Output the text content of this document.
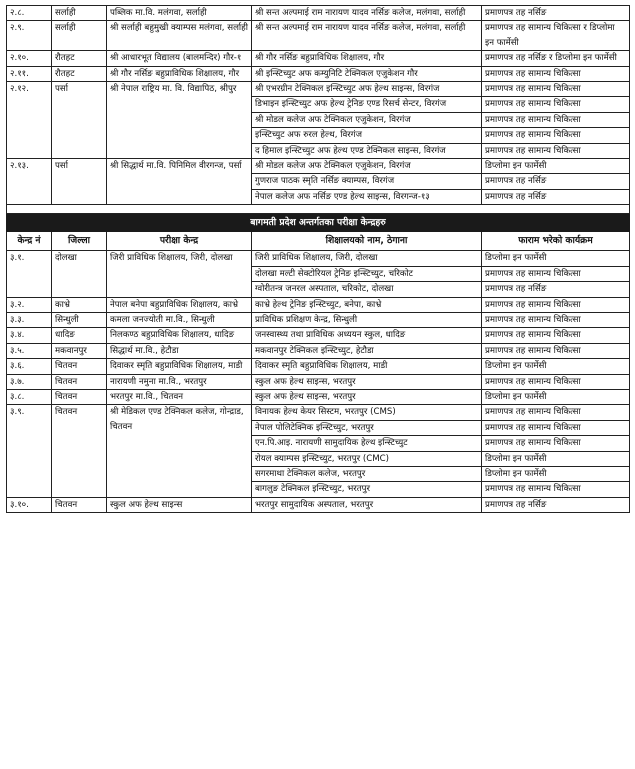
२.८.	सर्लाही	पब्लिक मा.वि. मलंगवा, सर्लाही	श्री सन्त अल्पमाई राम नारायण यादव नर्सिङ कलेज, मलंगवा, सर्लाही	प्रमाणपत्र तह नर्सिङ
२.९.	सर्लाही	श्री सर्लाही बहुमुखी क्याम्पस मलंगवा, सर्लाही	श्री सन्त अल्पमाई राम नारायण यादव नर्सिङ कलेज, मलंगवा, सर्लाही	प्रमाणपत्र तह सामान्य चिकित्सा र डिप्लोमा इन फार्मेसी
२.१०.	रौतहट	श्री आधारभूत विद्यालय (बालमन्दिर) गौर-१	श्री गौर नर्सिङ बहुप्राविधिक शिक्षालय, गौर	प्रमाणपत्र तह नर्सिङ र डिप्लोमा इन फार्मेसी
२.११.	रौतहट	श्री गौर नर्सिङ बहुप्राविधिक शिक्षालय, गौर	श्री इन्स्टिच्युट अफ कम्युनिटि टेक्निकल एजुकेशन गौर	प्रमाणपत्र तह सामान्य चिकित्सा
२.१२.	पर्सा	श्री नेपाल राष्ट्रिय मा. वि. विद्यापिठ, श्रीपुर	श्री एभरग्रीन टेक्निकल इन्स्टिच्युट अफ हेल्थ साइन्स, विरगंज	प्रमाणपत्र तह सामान्य चिकित्सा
			डिभाइन इन्स्टिच्युट अफ हेल्थ ट्रेनिङ एण्ड रिसर्च सेन्टर, विरगंज	प्रमाणपत्र तह सामान्य चिकित्सा
			श्री मोडल कलेज अफ टेक्निकल एजुकेशन, विरगंज	प्रमाणपत्र तह सामान्य चिकित्सा
			इन्स्टिच्युट अफ रुरल हेल्थ, विरगंज	प्रमाणपत्र तह सामान्य चिकित्सा
			द हिमाल इन्स्टिच्युट अफ हेल्थ एण्ड टेक्निकल साइन्स, विरगंज	प्रमाणपत्र तह सामान्य चिकित्सा
२.१३.	पर्सा	श्री सिद्धार्थ मा.वि. पिनिमिल वीरगन्ज, पर्सा	श्री मोडल कलेज अफ टेक्निकल एजुकेशन, विरगंज	डिप्लोमा इन फार्मेसी
			गुणराज पाठक स्मृति नर्सिङ क्याम्पस, विरगंज	प्रमाणपत्र तह नर्सिङ
			नेपाल कलेज अफ नर्सिङ एण्ड हेल्थ साइन्स, विरगन्ज-१३	प्रमाणपत्र तह नर्सिङ

बागमती प्रदेश अन्तर्गतका परीक्षा केन्द्रहरु				
केन्द्र नं	जिल्ला	परीक्षा केन्द्र	शिक्षालयको नाम, ठेगाना	फाराम भरेको कार्यक्रम
३.१.	दोलखा	जिरी प्राविधिक शिक्षालय, जिरी, दोलखा	जिरी प्राविधिक शिक्षालय, जिरी, दोलखा	डिप्लोमा इन फार्मेसी
			दोलखा मल्टी सेक्टोरियल ट्रेनिङ इन्स्टिच्युट, चरिकोट	प्रमाणपत्र तह सामान्य चिकित्सा
			ग्वोरीतन्त्र जनरल अस्पताल, चरिकोट, दोलखा	प्रमाणपत्र तह नर्सिङ
३.२.	काभ्रे	नेपाल बनेपा बहुप्राविधिक शिक्षालय, काभ्रे	काभ्रे हेल्थ ट्रेनिङ इन्स्टिच्युट, बनेपा, काभ्रे	प्रमाणपत्र तह सामान्य चिकित्सा
३.३.	सिन्धुली	कमला जनज्योती मा.वि., सिन्धुली	प्राविधिक प्रशिक्षण केन्द्र, सिन्धुली	प्रमाणपत्र तह सामान्य चिकित्सा
३.४.	धादिङ	निलकण्ठ बहुप्राविधिक शिक्षालय, धादिङ	जनस्वास्थ्य तथा प्राविधिक अध्ययन स्कुल, धादिङ	प्रमाणपत्र तह सामान्य चिकित्सा
३.५.	मकवानपुर	सिद्धार्थ मा.वि., हेटौडा	मकवानपुर टेक्निकल इन्स्टिच्युट, हेटौडा	प्रमाणपत्र तह सामान्य चिकित्सा
३.६.	चितवन	दिवाकर स्मृति बहुप्राविधिक शिक्षालय, माडी	दिवाकर स्मृति बहुप्राविधिक शिक्षालय, माडी	डिप्लोमा इन फार्मेसी
३.७.	चितवन	नारायणी नमुना मा.वि., भरतपुर	स्कुल अफ हेल्थ साइन्स, भरतपुर	प्रमाणपत्र तह सामान्य चिकित्सा
३.८.	चितवन	भरतपुर मा.वि., चितवन	स्कुल अफ हेल्थ साइन्स, भरतपुर	डिप्लोमा इन फार्मेसी
३.९.	चितवन	श्री मेडिकल एण्ड टेक्निकल कलेज, गोन्द्राड, चितवन	विनायक हेल्थ केयर सिस्टम, भरतपुर (CMS)	प्रमाणपत्र तह सामान्य चिकित्सा
			नेपाल पोलिटेक्निक इन्स्टिच्युट, भरतपुर	प्रमाणपत्र तह सामान्य चिकित्सा
			एन.पि.आइ. नारायणी सामुदायिक हेल्थ इन्स्टिच्युट	प्रमाणपत्र तह सामान्य चिकित्सा
			रोयल क्याम्पस इन्स्टिच्युट, भरतपुर (CMC)	डिप्लोमा इन फार्मेसी
			सगरमाथा टेक्निकल कलेज, भरतपुर	डिप्लोमा इन फार्मेसी
			बागलुङ टेक्निकल इन्स्टिच्युट, भरतपुर	प्रमाणपत्र तह सामान्य चिकित्सा
३.१०.	चितवन	स्कुल अफ हेल्थ साइन्स	भरतपुर सामुदायिक अस्पताल, भरतपुर	प्रमाणपत्र तह नर्सिङ
